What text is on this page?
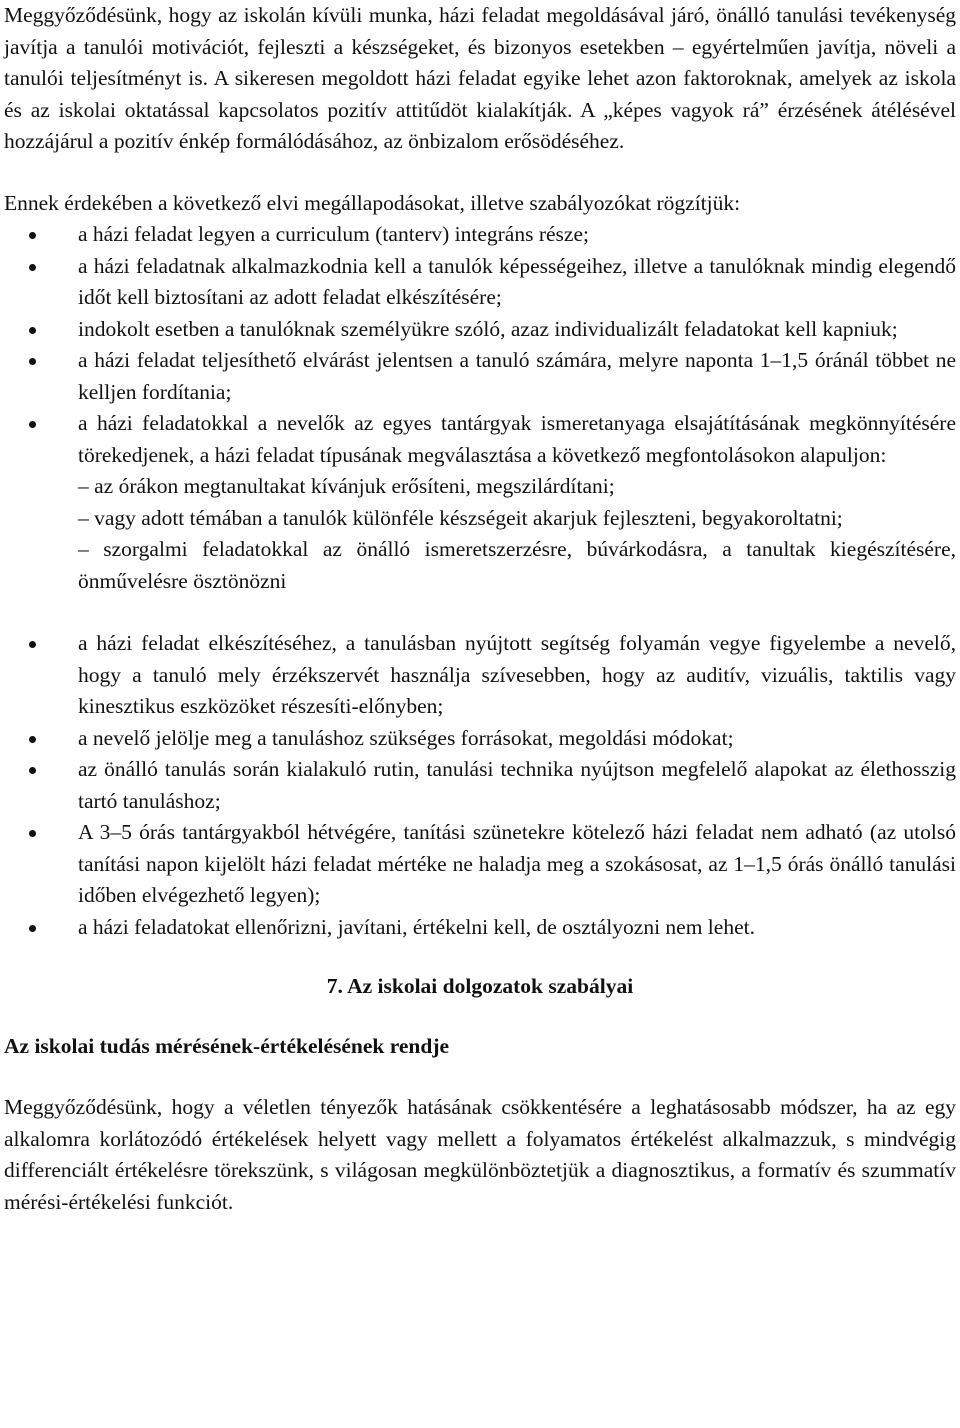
Meggyőződésünk, hogy az iskolán kívüli munka, házi feladat megoldásával járó, önálló tanulási tevékenység javítja a tanulói motivációt, fejleszti a készségeket, és bizonyos esetekben – egyértelműen javítja, növeli a tanulói teljesítményt is. A sikeresen megoldott házi feladat egyike lehet azon faktoroknak, amelyek az iskola és az iskolai oktatással kapcsolatos pozitív attitűdöt kialakítják. A „képes vagyok rá” érzésének átélésével hozzájárul a pozitív énkép formálódásához, az önbizalom erősödéséhez.

Ennek érdekében a következő elvi megállapodásokat, illetve szabályozókat rögzítjük:

a házi feladat legyen a curriculum (tanterv) integráns része;
a házi feladatnak alkalmazkodnia kell a tanulók képességeihez, illetve a tanulóknak mindig elegendő időt kell biztosítani az adott feladat elkészítésére;
indokolt esetben a tanulóknak személyükre szóló, azaz individualizált feladatokat kell kapniuk;
a házi feladat teljesíthető elvárást jelentsen a tanuló számára, melyre naponta 1–1,5 óránál többet ne kelljen fordítania;
a házi feladatokkal a nevelők az egyes tantárgyak ismeretanyaga elsajátításának megkönnyítésére törekedjenek, a házi feladat típusának megválasztása a következő megfontolásokon alapuljon:
– az órákon megtanultakat kívánjuk erősíteni, megszilárdítani;
– vagy adott témában a tanulók különféle készségeit akarjuk fejleszteni, begyakoroltatni;
– szorgalmi feladatokkal az önálló ismeretszerzésre, búvárkodásra, a tanultak kiegészítésére, önművelésre ösztönözni
a házi feladat elkészítéséhez, a tanulásban nyújtott segítség folyamán vegye figyelembe a nevelő, hogy a tanuló mely érzékszervét használja szívesebben, hogy az auditív, vizuális, taktilis vagy kinesztikus eszközöket részesíti-előnyben;
a nevelő jelölje meg a tanuláshoz szükséges forrásokat, megoldási módokat;
az önálló tanulás során kialakuló rutin, tanulási technika nyújtson megfelelő alapokat az élethosszig tartó tanuláshoz;
A 3–5 órás tantárgyakból hétvégére, tanítási szünetekre kötelező házi feladat nem adható (az utolsó tanítási napon kijelölt házi feladat mértéke ne haladja meg a szokásosat, az 1–1,5 órás önálló tanulási időben elvégezhető legyen);
a házi feladatokat ellenőrizni, javítani, értékelni kell, de osztályozni nem lehet.
7. Az iskolai dolgozatok szabályai
Az iskolai tudás mérésének-értékelésének rendje

Meggyőződésünk, hogy a véletlen tényezők hatásának csökkentésére a leghatásosabb módszer, ha az egy alkalomra korlátozódó értékelések helyett vagy mellett a folyamatos értékelést alkalmazzuk, s mindvégig differenciált értékelésre törekszünk, s világosan megkülönböztetjük a diagnosztikus, a formatív és szummatív mérési-értékelési funkciót.
